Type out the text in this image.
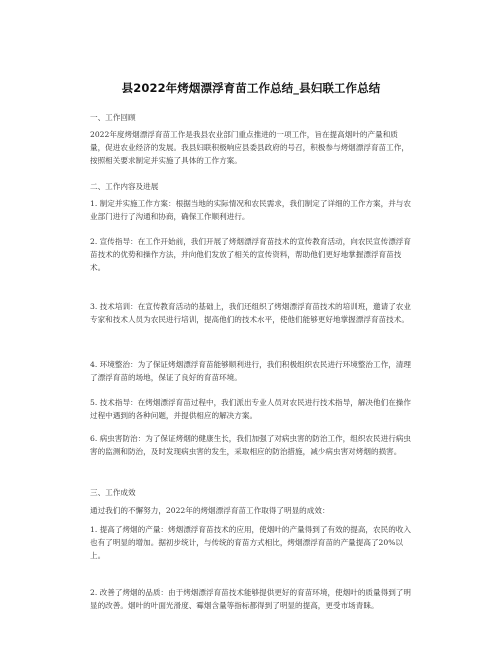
县2022年烤烟漂浮育苗工作总结_县妇联工作总结
一、工作回顾
2022年度烤烟漂浮育苗工作是我县农业部门重点推进的一项工作，旨在提高烟叶的产量和质量，促进农业经济的发展。我县妇联积极响应县委县政府的号召，积极参与烤烟漂浮育苗工作，按照相关要求制定并实施了具体的工作方案。
二、工作内容及进展
1. 制定并实施工作方案：根据当地的实际情况和农民需求，我们制定了详细的工作方案，并与农业部门进行了沟通和协商，确保工作顺利进行。
2. 宣传指导：在工作开始前，我们开展了烤烟漂浮育苗技术的宣传教育活动，向农民宣传漂浮育苗技术的优势和操作方法，并向他们发放了相关的宣传资料，帮助他们更好地掌握漂浮育苗技术。
3. 技术培训：在宣传教育活动的基础上，我们还组织了烤烟漂浮育苗技术的培训班，邀请了农业专家和技术人员为农民进行培训，提高他们的技术水平，使他们能够更好地掌握漂浮育苗技术。
4. 环境整治：为了保证烤烟漂浮育苗能够顺利进行，我们积极组织农民进行环境整治工作，清理了漂浮育苗的场地，保证了良好的育苗环境。
5. 技术指导：在烤烟漂浮育苗过程中，我们派出专业人员对农民进行技术指导，解决他们在操作过程中遇到的各种问题，并提供相应的解决方案。
6. 病虫害防治：为了保证烤烟的健康生长，我们加强了对病虫害的防治工作，组织农民进行病虫害的监测和防治，及时发现病虫害的发生，采取相应的防治措施，减少病虫害对烤烟的损害。
三、工作成效
通过我们的不懈努力，2022年的烤烟漂浮育苗工作取得了明显的成效：
1. 提高了烤烟的产量：烤烟漂浮育苗技术的应用，使烟叶的产量得到了有效的提高，农民的收入也有了明显的增加。据初步统计，与传统的育苗方式相比，烤烟漂浮育苗的产量提高了20%以上。
2. 改善了烤烟的品质：由于烤烟漂浮育苗技术能够提供更好的育苗环境，使烟叶的质量得到了明显的改善。烟叶的叶面光滑度、霉烟含量等指标都得到了明显的提高，更受市场青睐。
